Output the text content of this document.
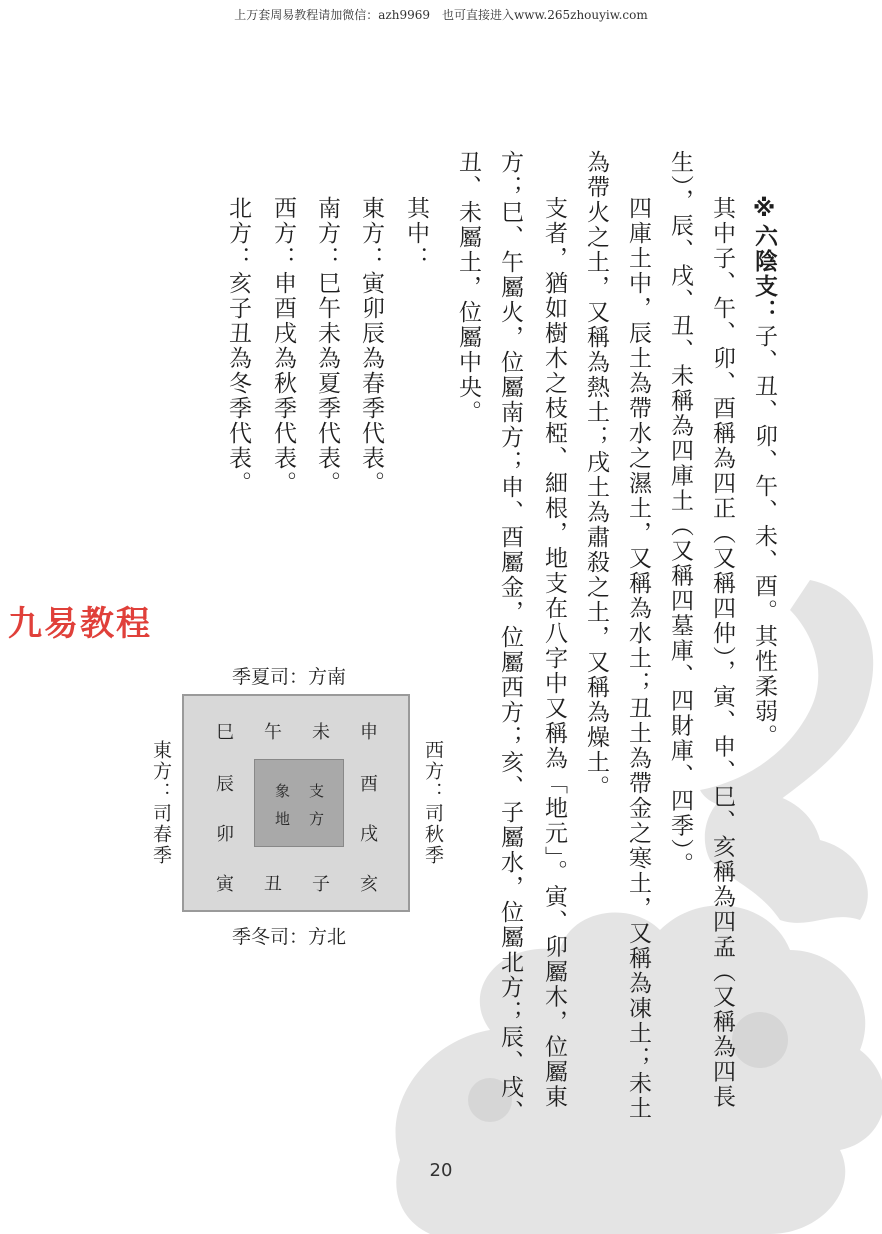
上万套周易教程请加微信：azh9969　也可直接进入www.265zhouyiw.com
九易教程
※六陰支：子、丑、卯、午、未、酉。其性柔弱。
其中子、午、卯、酉稱為四正（又稱四仲），寅、申、巳、亥稱為四孟（又稱為四長
生），辰、戌、丑、未稱為四庫土（又稱四墓庫、四財庫、四季）。
四庫土中，辰土為帶水之濕土，又稱為水土；丑土為帶金之寒土，又稱為凍土；未土
為帶火之土，又稱為熱土；戌土為肅殺之土，又稱為燥土。
支者，猶如樹木之枝椏、細根，地支在八字中又稱為「地元」。寅、卯屬木，位屬東
方；巳、午屬火，位屬南方；申、酉屬金，位屬西方；亥、子屬水，位屬北方；辰、戌、
丑、未屬土，位屬中央。
其中：
東方：寅卯辰為春季代表。
南方：巳午未為夏季代表。
西方：申酉戌為秋季代表。
北方：亥子丑為冬季代表。
季夏司：方南
季冬司：方北
東方：司春季	西方：司秋季
巳 午 未 申
辰
卯
酉
戌
寅 丑 子 亥
象 支
地 方
20
